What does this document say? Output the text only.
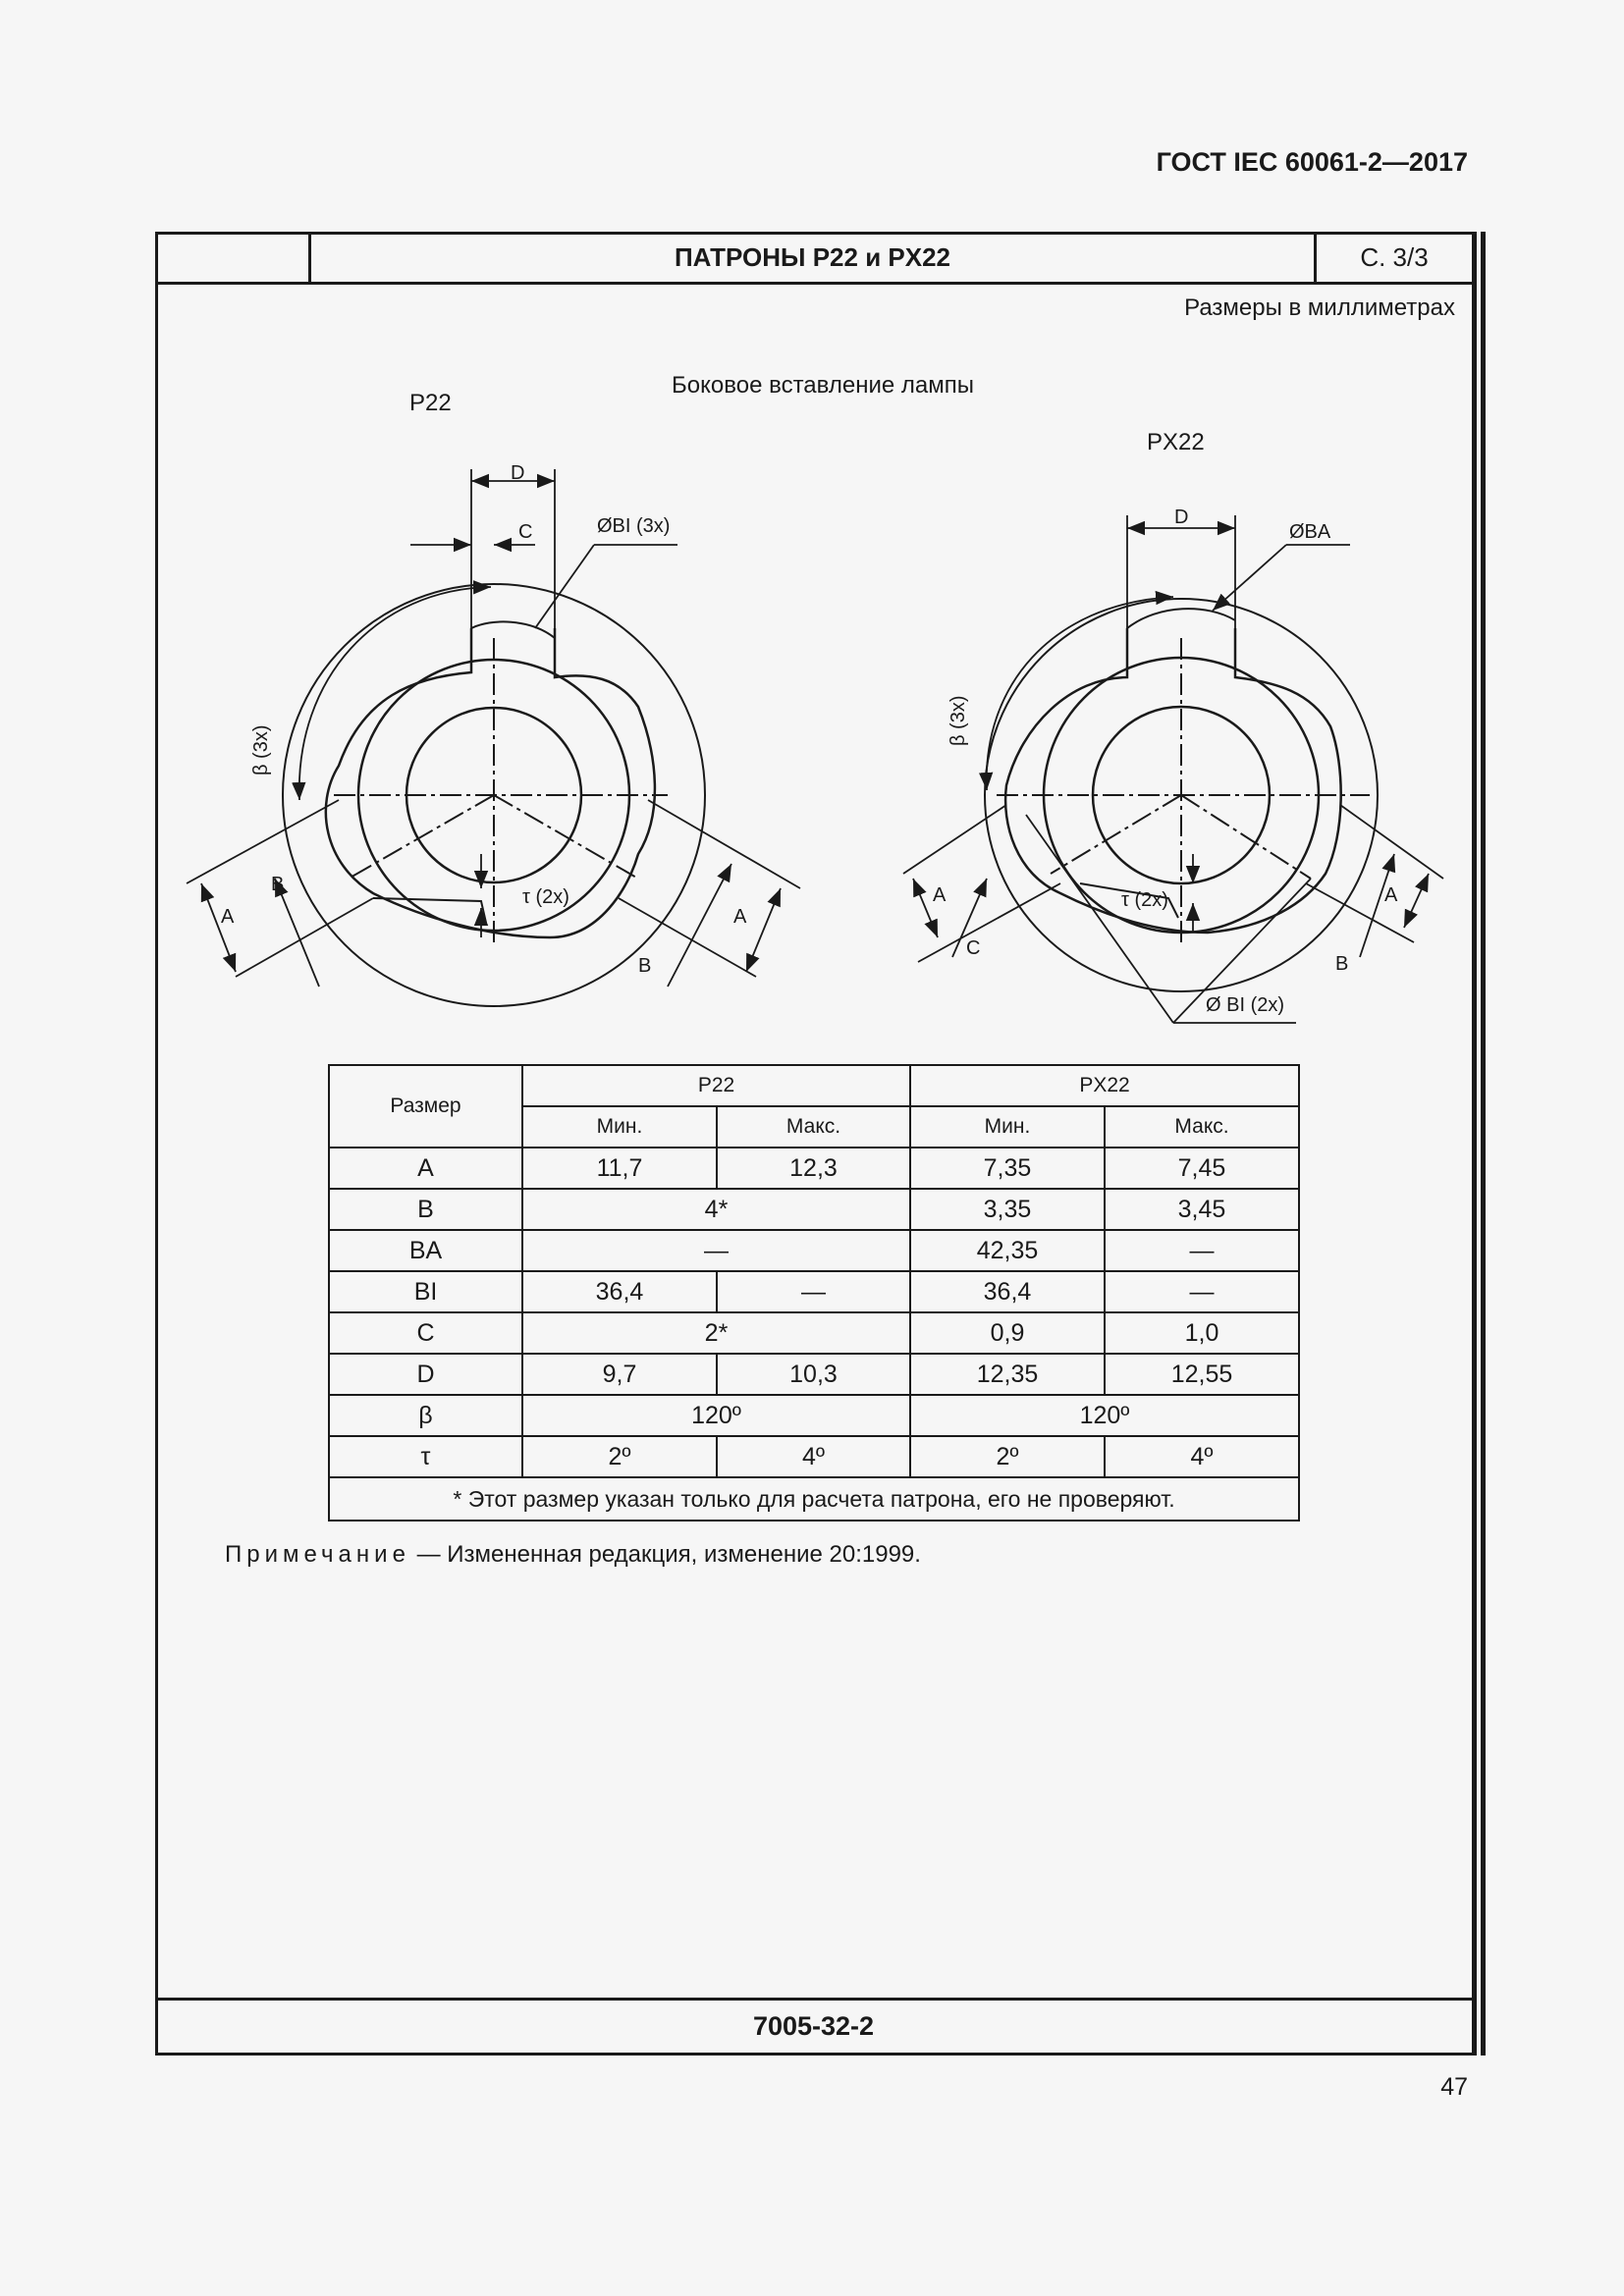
ГОСТ IEC 60061-2—2017
ПАТРОНЫ P22 и PX22	С. 3/3
Размеры в миллиметрах
Боковое вставление лампы
P22
D
C	ØBI (3x)
β (3x)
τ (2x)
A
B
A
B
PX22
D
ØBA
β (3x)
τ (2x)
A
C
A
B
Ø BI (2x)
Размер	P22		PX22	
	Мин.	Макс.	Мин.	Макс.
A	11,7	12,3	7,35	7,45
B	4*		3,35	3,45
BA	—		42,35	—
BI	36,4	—	36,4	—
C	2*		0,9	1,0
D	9,7	10,3	12,35	12,55
β	120º		120º	
τ	2º	4º	2º	4º
* Этот размер указан только для расчета патрона, его не проверяют.				
Примечание — Измененная редакция, изменение 20:1999.
7005-32-2
47
